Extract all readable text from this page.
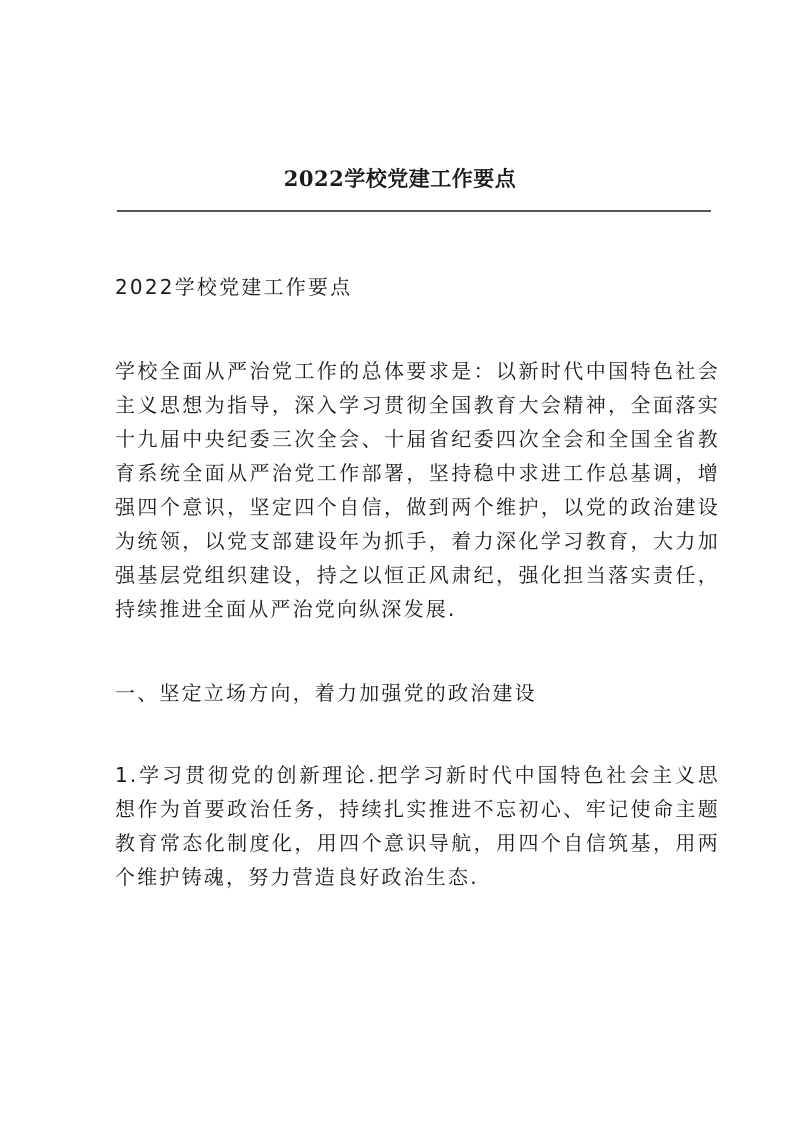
2022学校党建工作要点

2022学校党建工作要点

学校全面从严治党工作的总体要求是：以新时代中国特色社会主义思想为指导，深入学习贯彻全国教育大会精神，全面落实十九届中央纪委三次全会、十届省纪委四次全会和全国全省教育系统全面从严治党工作部署，坚持稳中求进工作总基调，增强四个意识，坚定四个自信，做到两个维护，以党的政治建设为统领，以党支部建设年为抓手，着力深化学习教育，大力加强基层党组织建设，持之以恒正风肃纪，强化担当落实责任，持续推进全面从严治党向纵深发展.

一、坚定立场方向，着力加强党的政治建设

1.学习贯彻党的创新理论.把学习新时代中国特色社会主义思想作为首要政治任务，持续扎实推进不忘初心、牢记使命主题教育常态化制度化，用四个意识导航，用四个自信筑基，用两个维护铸魂，努力营造良好政治生态.
